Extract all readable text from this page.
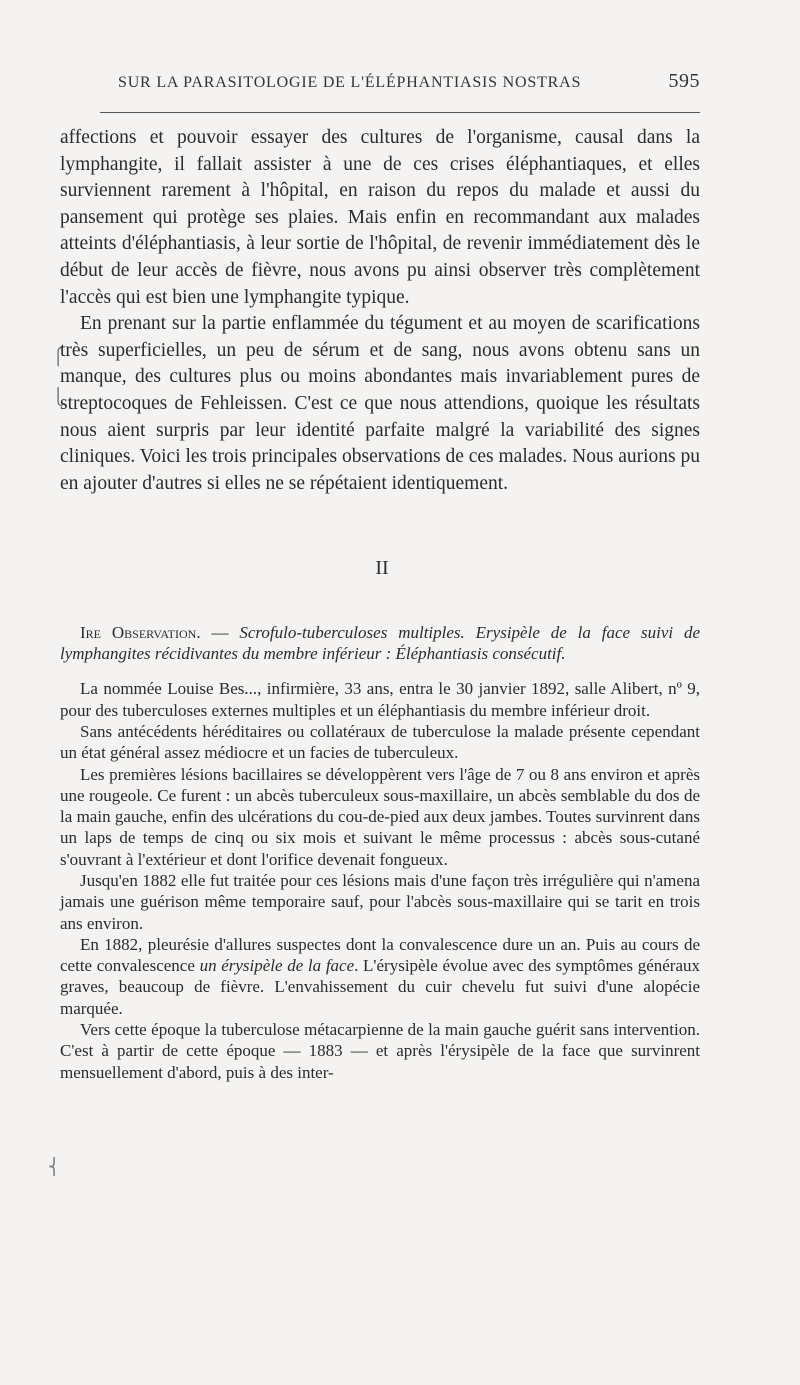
SUR LA PARASITOLOGIE DE L'ÉLÉPHANTIASIS NOSTRAS	595
⎧
⎩
⎨

affections et pouvoir essayer des cultures de l'organisme, causal dans la lymphangite, il fallait assister à une de ces crises éléphantiaques, et elles surviennent rarement à l'hôpital, en raison du repos du malade et aussi du pansement qui protège ses plaies. Mais enfin en recommandant aux malades atteints d'éléphantiasis, à leur sortie de l'hôpital, de revenir immédiatement dès le début de leur accès de fièvre, nous avons pu ainsi observer très complètement l'accès qui est bien une lymphangite typique.

En prenant sur la partie enflammée du tégument et au moyen de scarifications très superficielles, un peu de sérum et de sang, nous avons obtenu sans un manque, des cultures plus ou moins abondantes mais invariablement pures de streptocoques de Fehleissen. C'est ce que nous attendions, quoique les résultats nous aient surpris par leur identité parfaite malgré la variabilité des signes cliniques. Voici les trois principales observations de ces malades. Nous aurions pu en ajouter d'autres si elles ne se répétaient identiquement.

II

Ire Observation. — Scrofulo-tuberculoses multiples. Erysipèle de la face suivi de lymphangites récidivantes du membre inférieur : Éléphantiasis consécutif.

La nommée Louise Bes..., infirmière, 33 ans, entra le 30 janvier 1892, salle Alibert, nº 9, pour des tuberculoses externes multiples et un éléphantiasis du membre inférieur droit.

Sans antécédents héréditaires ou collatéraux de tuberculose la malade présente cependant un état général assez médiocre et un facies de tuberculeux.

Les premières lésions bacillaires se développèrent vers l'âge de 7 ou 8 ans environ et après une rougeole. Ce furent : un abcès tuberculeux sous-maxillaire, un abcès semblable du dos de la main gauche, enfin des ulcérations du cou-de-pied aux deux jambes. Toutes survinrent dans un laps de temps de cinq ou six mois et suivant le même processus : abcès sous-cutané s'ouvrant à l'extérieur et dont l'orifice devenait fongueux.

Jusqu'en 1882 elle fut traitée pour ces lésions mais d'une façon très irrégulière qui n'amena jamais une guérison même temporaire sauf, pour l'abcès sous-maxillaire qui se tarit en trois ans environ.

En 1882, pleurésie d'allures suspectes dont la convalescence dure un an. Puis au cours de cette convalescence un érysipèle de la face. L'érysipèle évolue avec des symptômes généraux graves, beaucoup de fièvre. L'envahissement du cuir chevelu fut suivi d'une alopécie marquée.

Vers cette époque la tuberculose métacarpienne de la main gauche guérit sans intervention. C'est à partir de cette époque — 1883 — et après l'érysipèle de la face que survinrent mensuellement d'abord, puis à des inter-
